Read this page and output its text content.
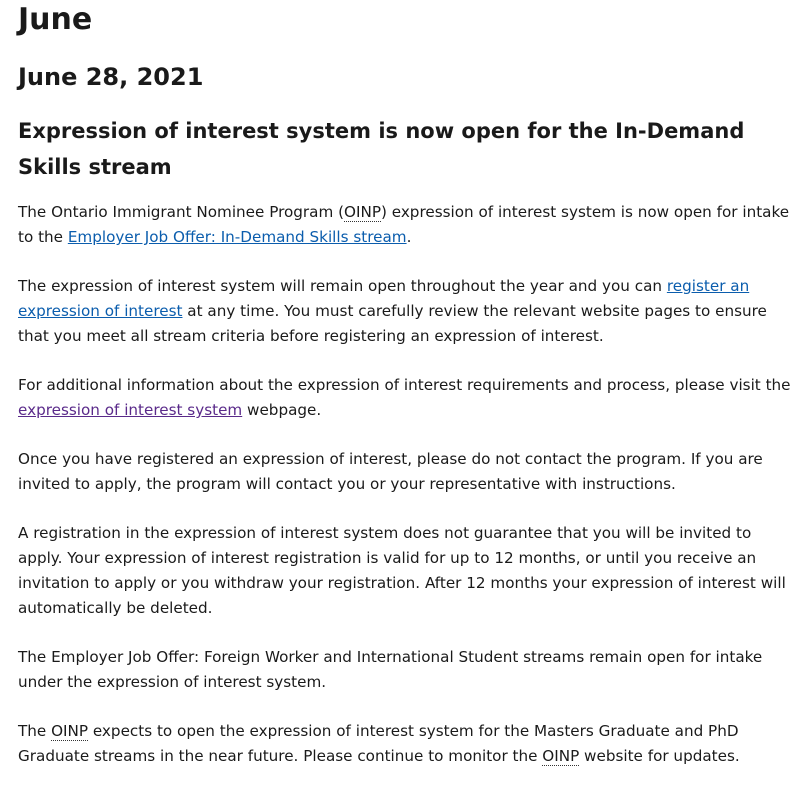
June
June 28, 2021
Expression of interest system is now open for the In-Demand Skills stream

The Ontario Immigrant Nominee Program (OINP) expression of interest system is now open for intake to the Employer Job Offer: In-Demand Skills stream.

The expression of interest system will remain open throughout the year and you can register an expression of interest at any time. You must carefully review the relevant website pages to ensure that you meet all stream criteria before registering an expression of interest.

For additional information about the expression of interest requirements and process, please visit the expression of interest system webpage.

Once you have registered an expression of interest, please do not contact the program. If you are invited to apply, the program will contact you or your representative with instructions.

A registration in the expression of interest system does not guarantee that you will be invited to apply. Your expression of interest registration is valid for up to 12 months, or until you receive an invitation to apply or you withdraw your registration. After 12 months your expression of interest will automatically be deleted.

The Employer Job Offer: Foreign Worker and International Student streams remain open for intake under the expression of interest system.

The OINP expects to open the expression of interest system for the Masters Graduate and PhD Graduate streams in the near future. Please continue to monitor the OINP website for updates.
